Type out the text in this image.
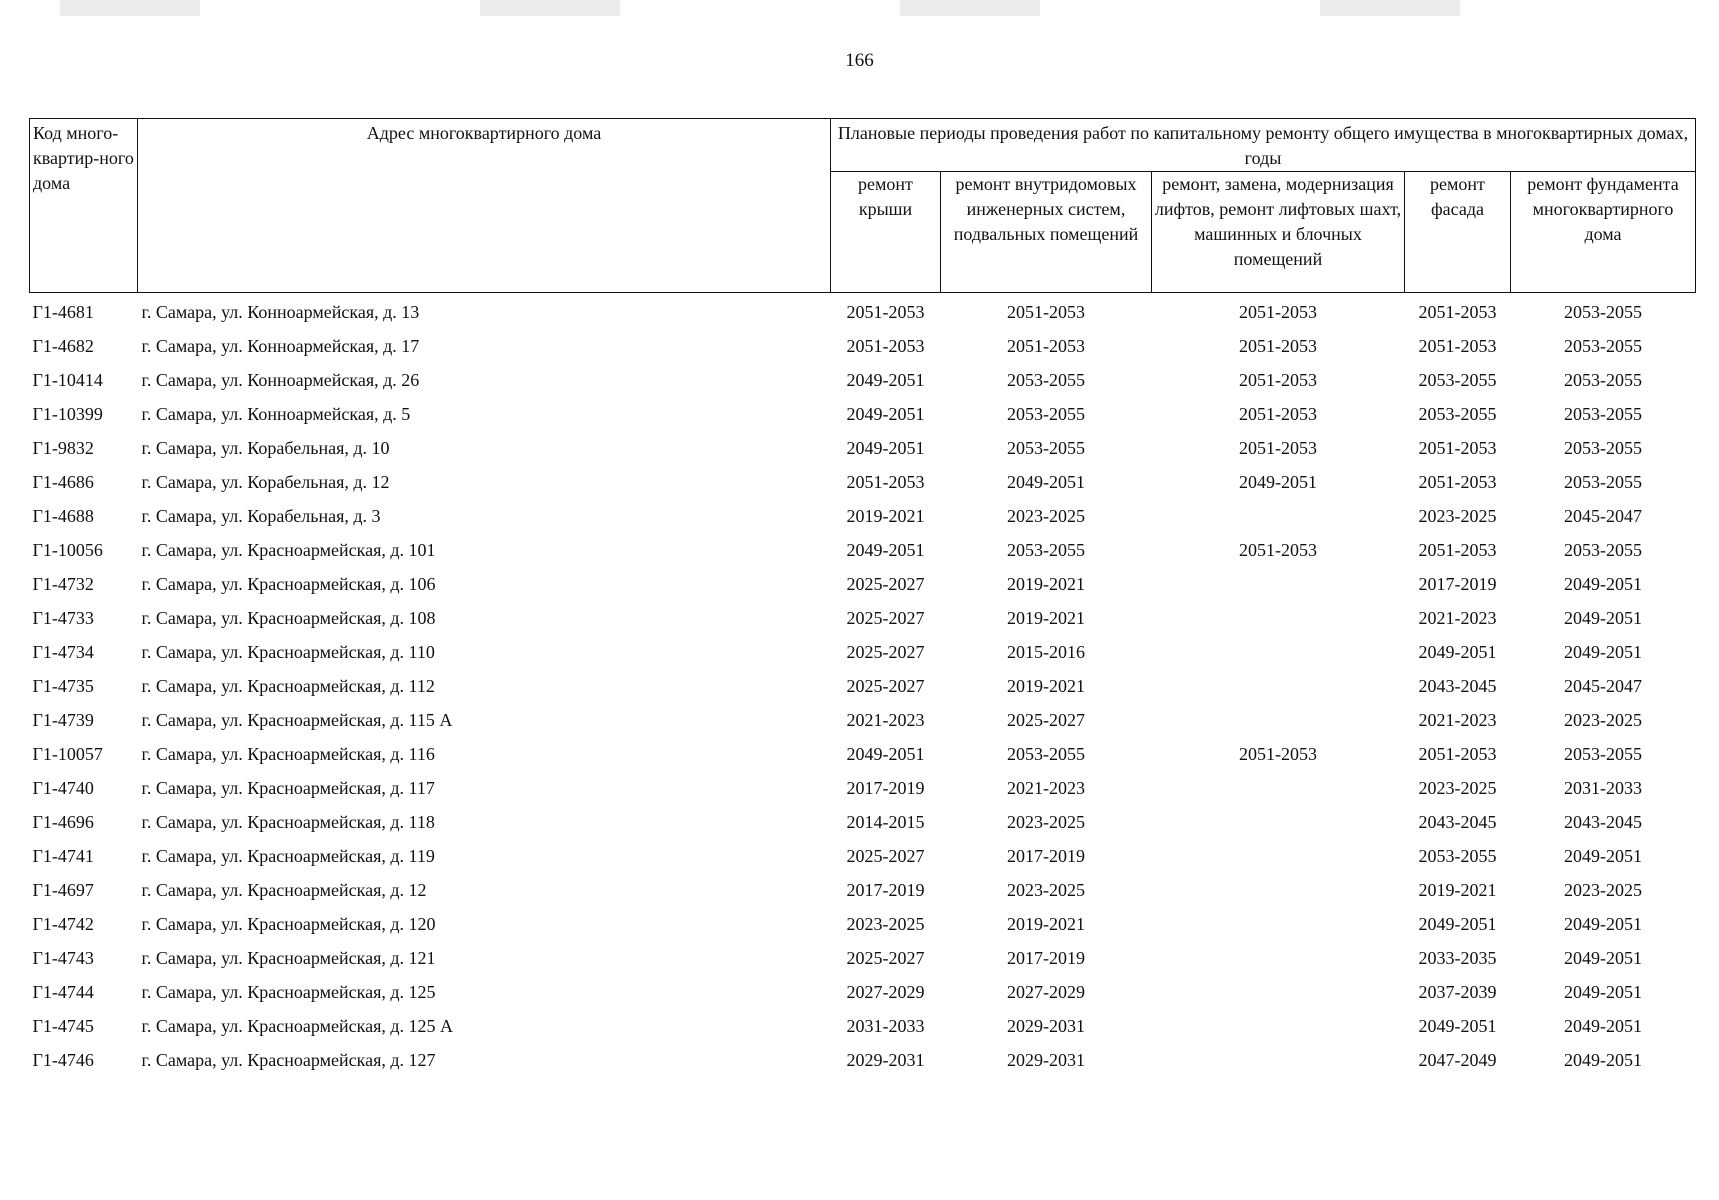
166
Код много-квартир-ного дома	Адрес многоквартирного дома	Плановые периоды проведения работ по капитальному ремонту общего имущества в многоквартирных домах, годы				
		ремонт крыши	ремонт внутридомовых инженерных систем, подвальных помещений	ремонт, замена, модернизация лифтов, ремонт лифтовых шахт, машинных и блочных помещений	ремонт фасада	ремонт фундамента многоквартирного дома
Г1-4681	г. Самара, ул. Конноармейская, д. 13	2051-2053	2051-2053	2051-2053	2051-2053	2053-2055
Г1-4682	г. Самара, ул. Конноармейская, д. 17	2051-2053	2051-2053	2051-2053	2051-2053	2053-2055
Г1-10414	г. Самара, ул. Конноармейская, д. 26	2049-2051	2053-2055	2051-2053	2053-2055	2053-2055
Г1-10399	г. Самара, ул. Конноармейская, д. 5	2049-2051	2053-2055	2051-2053	2053-2055	2053-2055
Г1-9832	г. Самара, ул. Корабельная, д. 10	2049-2051	2053-2055	2051-2053	2051-2053	2053-2055
Г1-4686	г. Самара, ул. Корабельная, д. 12	2051-2053	2049-2051	2049-2051	2051-2053	2053-2055
Г1-4688	г. Самара, ул. Корабельная, д. 3	2019-2021	2023-2025		2023-2025	2045-2047
Г1-10056	г. Самара, ул. Красноармейская, д. 101	2049-2051	2053-2055	2051-2053	2051-2053	2053-2055
Г1-4732	г. Самара, ул. Красноармейская, д. 106	2025-2027	2019-2021		2017-2019	2049-2051
Г1-4733	г. Самара, ул. Красноармейская, д. 108	2025-2027	2019-2021		2021-2023	2049-2051
Г1-4734	г. Самара, ул. Красноармейская, д. 110	2025-2027	2015-2016		2049-2051	2049-2051
Г1-4735	г. Самара, ул. Красноармейская, д. 112	2025-2027	2019-2021		2043-2045	2045-2047
Г1-4739	г. Самара, ул. Красноармейская, д. 115 А	2021-2023	2025-2027		2021-2023	2023-2025
Г1-10057	г. Самара, ул. Красноармейская, д. 116	2049-2051	2053-2055	2051-2053	2051-2053	2053-2055
Г1-4740	г. Самара, ул. Красноармейская, д. 117	2017-2019	2021-2023		2023-2025	2031-2033
Г1-4696	г. Самара, ул. Красноармейская, д. 118	2014-2015	2023-2025		2043-2045	2043-2045
Г1-4741	г. Самара, ул. Красноармейская, д. 119	2025-2027	2017-2019		2053-2055	2049-2051
Г1-4697	г. Самара, ул. Красноармейская, д. 12	2017-2019	2023-2025		2019-2021	2023-2025
Г1-4742	г. Самара, ул. Красноармейская, д. 120	2023-2025	2019-2021		2049-2051	2049-2051
Г1-4743	г. Самара, ул. Красноармейская, д. 121	2025-2027	2017-2019		2033-2035	2049-2051
Г1-4744	г. Самара, ул. Красноармейская, д. 125	2027-2029	2027-2029		2037-2039	2049-2051
Г1-4745	г. Самара, ул. Красноармейская, д. 125 А	2031-2033	2029-2031		2049-2051	2049-2051
Г1-4746	г. Самара, ул. Красноармейская, д. 127	2029-2031	2029-2031		2047-2049	2049-2051
